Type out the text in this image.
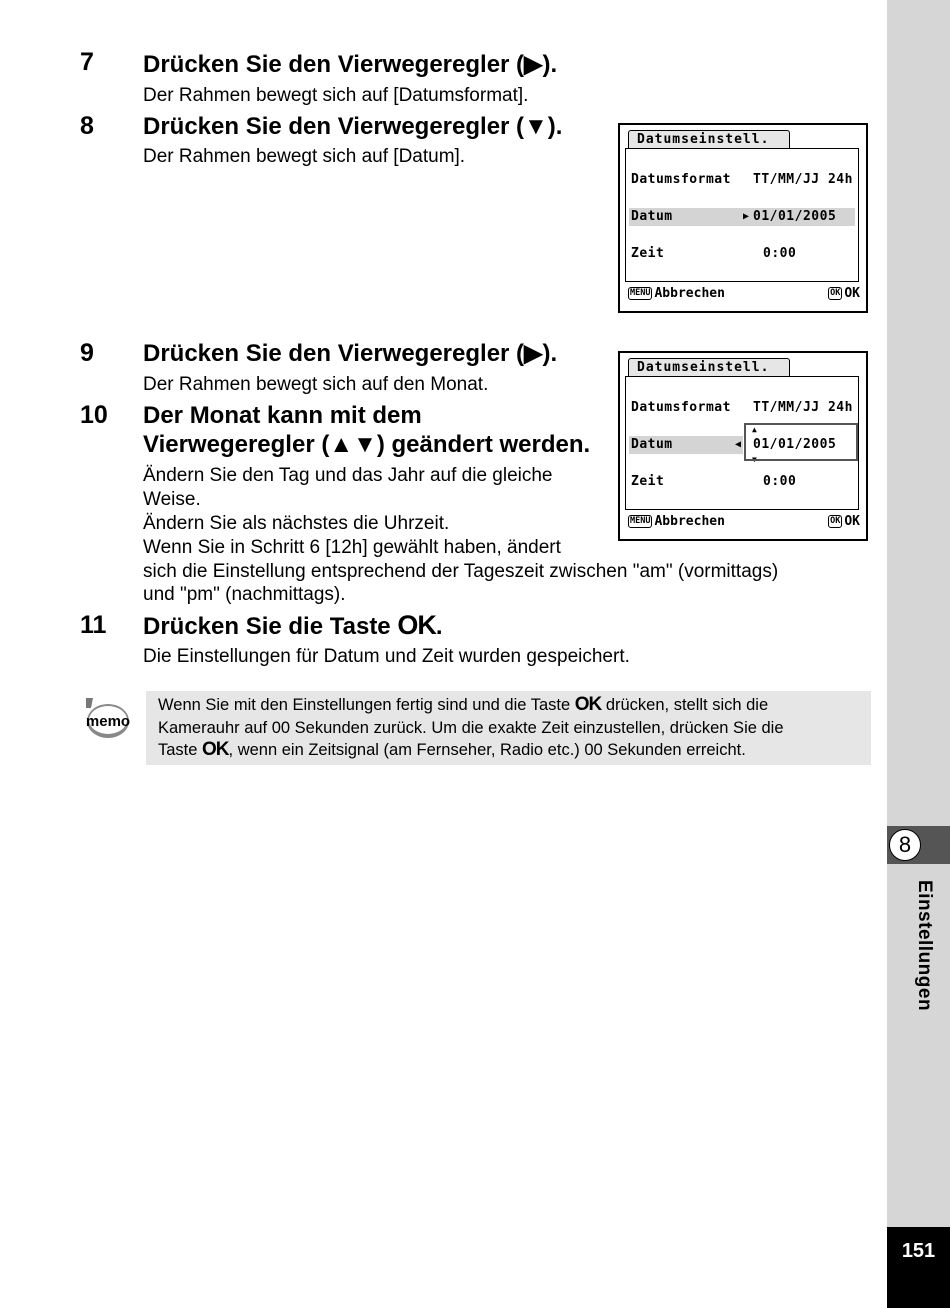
7 Drücken Sie den Vierwegeregler (▶).
Der Rahmen bewegt sich auf [Datumsformat].
8 Drücken Sie den Vierwegeregler (▼).
Der Rahmen bewegt sich auf [Datum].
Datumseinstell.
Datumsformat TT/MM/JJ 24h
Datum	▶ 01/01/2005
Zeit	0:00
MENU Abbrechen	OK OK
9 Drücken Sie den Vierwegeregler (▶).
Der Rahmen bewegt sich auf den Monat.
10 Der Monat kann mit dem
Vierwegeregler (▲▼) geändert werden.
Ändern Sie den Tag und das Jahr auf die gleiche
Weise.
Ändern Sie als nächstes die Uhrzeit.
Wenn Sie in Schritt 6 [12h] gewählt haben, ändert
sich die Einstellung entsprechend der Tageszeit zwischen "am" (vormittags)
und "pm" (nachmittags).
Datumseinstell.
Datumsformat TT/MM/JJ 24h
Datum	◀ 01/01/2005
▲
▼
Zeit	0:00
MENU Abbrechen	OK OK
11 Drücken Sie die Taste OK.
Die Einstellungen für Datum und Zeit wurden gespeichert.
memo
Wenn Sie mit den Einstellungen fertig sind und die Taste OK drücken, stellt sich die
Kamerauhr auf 00 Sekunden zurück. Um die exakte Zeit einzustellen, drücken Sie die
Taste OK, wenn ein Zeitsignal (am Fernseher, Radio etc.) 00 Sekunden erreicht.
8
Einstellungen
151
